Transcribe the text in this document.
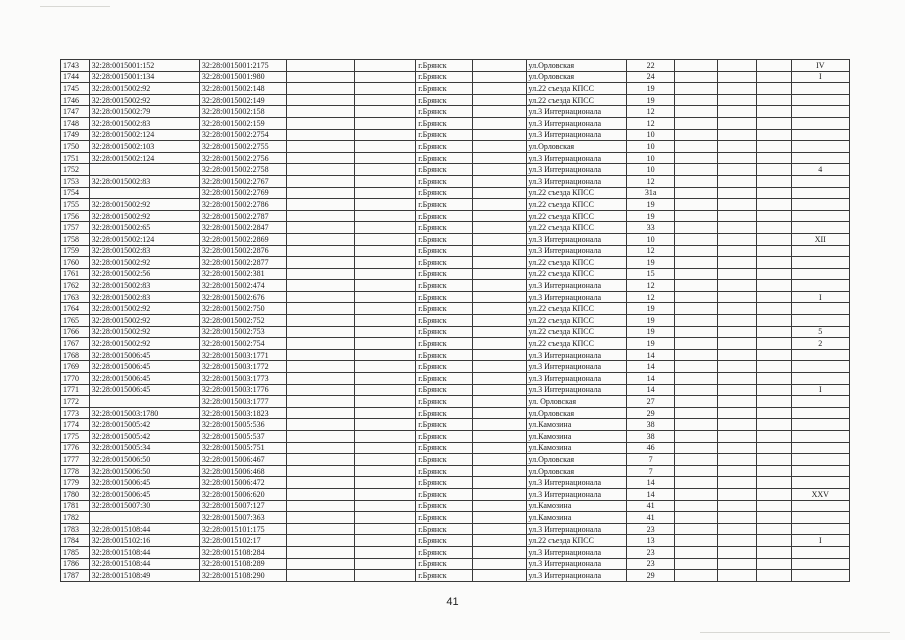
1743	32:28:0015001:152	32:28:0015001:2175			г.Брянск		ул.Орловская	22				IV
1744	32:28:0015001:134	32:28:0015001:980			г.Брянск		ул.Орловская	24				I
1745	32:28:0015002:92	32:28:0015002:148			г.Брянск		ул.22 съезда КПСС	19				
1746	32:28:0015002:92	32:28:0015002:149			г.Брянск		ул.22 съезда КПСС	19				
1747	32:28:0015002:79	32:28:0015002:158			г.Брянск		ул.3 Интернационала	12				
1748	32:28:0015002:83	32:28:0015002:159			г.Брянск		ул.3 Интернационала	12				
1749	32:28:0015002:124	32:28:0015002:2754			г.Брянск		ул.3 Интернационала	10				
1750	32:28:0015002:103	32:28:0015002:2755			г.Брянск		ул.Орловская	10				
1751	32:28:0015002:124	32:28:0015002:2756			г.Брянск		ул.3 Интернационала	10				
1752		32:28:0015002:2758			г.Брянск		ул.3 Интернационала	10				4
1753	32:28:0015002:83	32:28:0015002:2767			г.Брянск		ул.3 Интернационала	12				
1754		32:28:0015002:2769			г.Брянск		ул.22 съезда КПСС	31а				
1755	32:28:0015002:92	32:28:0015002:2786			г.Брянск		ул.22 съезда КПСС	19				
1756	32:28:0015002:92	32:28:0015002:2787			г.Брянск		ул.22 съезда КПСС	19				
1757	32:28:0015002:65	32:28:0015002:2847			г.Брянск		ул.22 съезда КПСС	33				
1758	32:28:0015002:124	32:28:0015002:2869			г.Брянск		ул.3 Интернационала	10				XII
1759	32:28:0015002:83	32:28:0015002:2876			г.Брянск		ул.3 Интернационала	12				
1760	32:28:0015002:92	32:28:0015002:2877			г.Брянск		ул.22 съезда КПСС	19				
1761	32:28:0015002:56	32:28:0015002:381			г.Брянск		ул.22 съезда КПСС	15				
1762	32:28:0015002:83	32:28:0015002:474			г.Брянск		ул.3 Интернационала	12				
1763	32:28:0015002:83	32:28:0015002:676			г.Брянск		ул.3 Интернационала	12				I
1764	32:28:0015002:92	32:28:0015002:750			г.Брянск		ул.22 съезда КПСС	19				
1765	32:28:0015002:92	32:28:0015002:752			г.Брянск		ул.22 съезда КПСС	19				
1766	32:28:0015002:92	32:28:0015002:753			г.Брянск		ул.22 съезда КПСС	19				5
1767	32:28:0015002:92	32:28:0015002:754			г.Брянск		ул.22 съезда КПСС	19				2
1768	32:28:0015006:45	32:28:0015003:1771			г.Брянск		ул.3 Интернационала	14				
1769	32:28:0015006:45	32:28:0015003:1772			г.Брянск		ул.3 Интернационала	14				
1770	32:28:0015006:45	32:28:0015003:1773			г.Брянск		ул.3 Интернационала	14				
1771	32:28:0015006:45	32:28:0015003:1776			г.Брянск		ул.3 Интернационала	14				I
1772		32:28:0015003:1777			г.Брянск		ул. Орловская	27				
1773	32:28:0015003:1780	32:28:0015003:1823			г.Брянск		ул.Орловская	29				
1774	32:28:0015005:42	32:28:0015005:536			г.Брянск		ул.Камозина	38				
1775	32:28:0015005:42	32:28:0015005:537			г.Брянск		ул.Камозина	38				
1776	32:28:0015005:34	32:28:0015005:751			г.Брянск		ул.Камозина	46				
1777	32:28:0015006:50	32:28:0015006:467			г.Брянск		ул.Орловская	7				
1778	32:28:0015006:50	32:28:0015006:468			г.Брянск		ул.Орловская	7				
1779	32:28:0015006:45	32:28:0015006:472			г.Брянск		ул.3 Интернационала	14				
1780	32:28:0015006:45	32:28:0015006:620			г.Брянск		ул.3 Интернационала	14				XXV
1781	32:28:0015007:30	32:28:0015007:127			г.Брянск		ул.Камозина	41				
1782		32:28:0015007:363			г.Брянск		ул.Камозина	41				
1783	32:28:0015108:44	32:28:0015101:175			г.Брянск		ул.3 Интернационала	23				
1784	32:28:0015102:16	32:28:0015102:17			г.Брянск		ул.22 съезда КПСС	13				I
1785	32:28:0015108:44	32:28:0015108:284			г.Брянск		ул.3 Интернационала	23				
1786	32:28:0015108:44	32:28:0015108:289			г.Брянск		ул.3 Интернационала	23				
1787	32:28:0015108:49	32:28:0015108:290			г.Брянск		ул.3 Интернационала	29				
41
